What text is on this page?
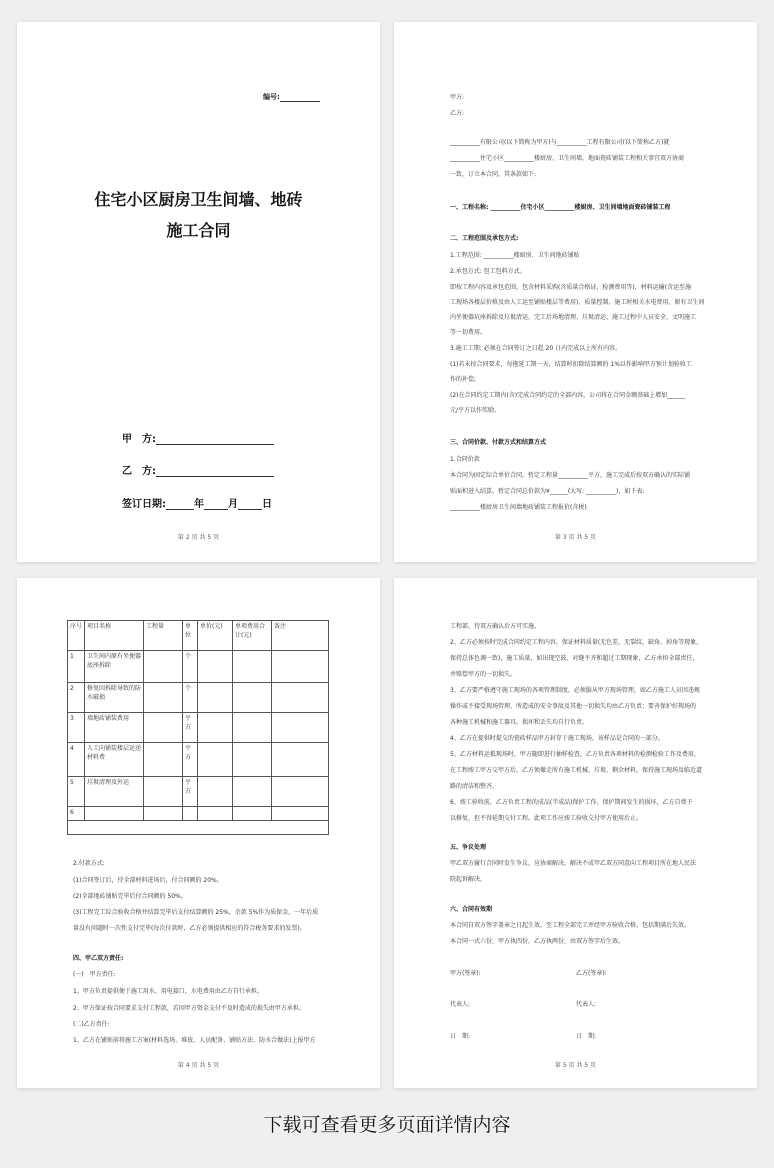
编号:
住宅小区厨房卫生间墙、地砖
施工合同
甲　方:
乙　方:
签订日期:	年 月 日
第 2 页 共 5 页
甲方:
乙方:
__________有限公司(以下简称为甲方)与__________工程有限公司(以下简称乙方)就
__________住宅小区__________楼厨房、卫生间墙、地面瓷砖铺装工程相关事宜双方协商
一致，订立本合同，其条款如下:
一、工程名称: __________住宅小区__________楼厨房、卫生间墙地面瓷砖铺装工程
二、工程范围及承包方式:
1.工程范围: __________楼厨房、卫生间地砖铺贴
2.承包方式: 包工包料方式。
即按工程内容及承包范围，包含材料采购(含质量合格证、检测费用等)、材料运输(含运至施
工现场各楼层价格及由人工运至铺贴楼层等费用)、质量控制、施工时相关水电费用、原有卫生间
内坐便器坑座拆除及垃圾清运、完工后场地清理、垃圾清运、施工过程中人员安全、文明施工
等一切费用。
3.施工工期: 必须在合同签订之日起 20 日内完成以上所有内容。
(1)若未按合同要求，每拖延工期一天，结算时扣除结算额的 1%以作影响甲方预计划验收工
作的补偿;
(2)在合同约定工期内(含)完成合同约定的全部内容，公司将在合同金额基础上增加______
元/平方以作奖励。
三、合同价款、付款方式和结算方式
1.合同价款
本合同为固定综合单价合同，暂定工程量__________平方，施工完成后按双方确认的实际铺
贴面积进入结算，暂定合同总价款为¥______(大写: __________)，如下表:
__________楼厨房卫生间墙地砖铺装工程报价(含税)
第 3 页 共 5 页
序号	项目名称	工程量	单位	单价(元)	单项费用合计(元)	备注
1	卫生间内原有坐便器底座拆除		个			
2	修复因拆除导致的防水破损		个			
3	墙地砖铺装费用		平方			
4	人工向铺装楼层运送材料费		平方			
5	垃圾清理及外运		平方			
6						

2.付款方式:
(1)合同签订后，待全部材料进场后，付合同额的 20%。
(2)全部地砖铺贴完毕后付合同额的 50%。
(3)工程完工综合验收合格并结算完毕后支付结算额的 25%，余款 5%作为质保金，一年后质
量没有问题时一次性支付完毕(每次付款时，乙方必须提供相应的符合税务要求的发票)。
四、甲乙双方责任:
(一)　甲方责任:
1、甲方负责提供便于施工用水、用电接口，水电费用由乙方自行承担。
2、甲方保证按合同要求支付工程款，若因甲方资金支付不及时造成的损失由甲方承担。
(二)乙方责任:
1、乙方在铺贴前将施工方案(材料选场、堆放、人员配备、铺贴方法、防水合做法)上报甲方
第 4 页 共 5 页
工程部，待双方确认后方可实施。
2、乙方必须按时完成合同约定工程内容，保证材料质量(无色差，无裂纹，缺角、掉角等现象，
保持总体色调一致)，施工质量，如出现空鼓、对缝不齐和超过工期现象，乙方承担全部责任，
并赔偿甲方的一切损失。
3、乙方要严格遵守施工现场的各项管理制度，必须服从甲方现场管理，如乙方施工人员因违规
操作或不接受现场管理，所造成的安全事故及其他一切损失均由乙方负责；要善保护好现场的
各种施工机械和施工器具，损坏和丢失均自行负责。
4、乙方在提供时提交的瓷砖样品甲方封存于施工现场，该样品是合同的一部分。
5、乙方材料运抵现场时，甲方随即进行抽样检查，乙方负责各项材料的检测检验工作及费用，
在工程竣工甲方交甲方后，乙方须撤走所有施工机械、垃圾、剩余材料，保持施工现场及临近道
路的清洁和整齐。
6、竣工验收前，乙方负责工程的成品(半成品)保护工作。保护期间发生的损坏，乙方自费予
以修复，但不得延期交付工程。此项工作应竣工验收交付甲方使用后止。
五、争议处理
甲乙双方履行合同时发生争议，应协商解决，解决不成甲乙双方同意向工程项目所在地人民法
院起诉解决。
六、合同有效期
本合同自双方签字盖章之日起生效，至工程全部完工并经甲方验收合格，包括期满后失效。
本合同一式六份，甲方执四份，乙方执两份，由双方签字后生效。
甲方(签章):	乙方(签章):
代表人:	代表人:
日　期:	日　期:
第 5 页 共 5 页
下载可查看更多页面详情内容
